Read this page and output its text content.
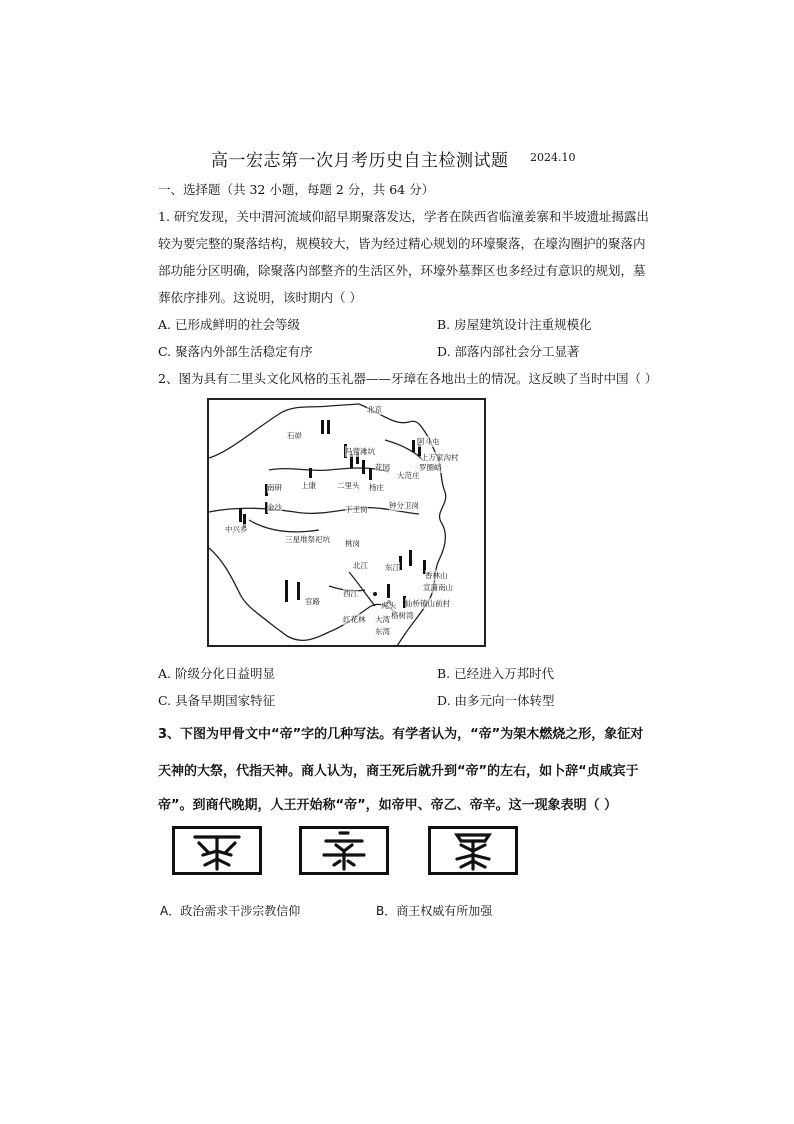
高一宏志第一次月考历史自主检测试题 2024.10
一、选择题（共 32 小题，每题 2 分，共 64 分）
1. 研究发现，关中渭河流域仰韶早期聚落发达，学者在陕西省临潼姜寨和半坡遗址揭露出
较为要完整的聚落结构，规模较大，皆为经过精心规划的环壕聚落，在壕沟圈护的聚落内
部功能分区明确，除聚落内部整齐的生活区外，环壕外墓葬区也多经过有意识的规划，墓
葬依序排列。这说明，该时期内（ ）
A. 已形成鲜明的社会等级	B. 房屋建筑设计注重规模化
C. 聚落内外部生活稳定有序	D. 部落内部社会分工显著
2、图为具有二里头文化风格的玉礼器——牙璋在各地出土的情况。这反映了当时中国（ ）
北京
石峁
马营滩坑
阿斗屯
上万家沟村
罗圈峪
大范庄
花园
上康	二里头 杨庄
南研
下王岗	钟分卫岗
三星堆祭祀坑
金沙
中兴乡
桃岗
北江 东江
西江
香林山
宣蒲南山
官路	虎头 仙桥镇山前村
红花林 大湾 格树湾
东湾
A. 阶级分化日益明显	B. 已经进入万邦时代
C. 具备早期国家特征	D. 由多元向一体转型
3、下图为甲骨文中“帝”字的几种写法。有学者认为，“帝”为架木燃烧之形，象征对
天神的大祭，代指天神。商人认为，商王死后就升到“帝”的左右，如卜辞“贞咸宾于
帝”。到商代晚期，人王开始称“帝”，如帝甲、帝乙、帝辛。这一现象表明（ ）
A．政治需求干涉宗教信仰	B．商王权威有所加强
